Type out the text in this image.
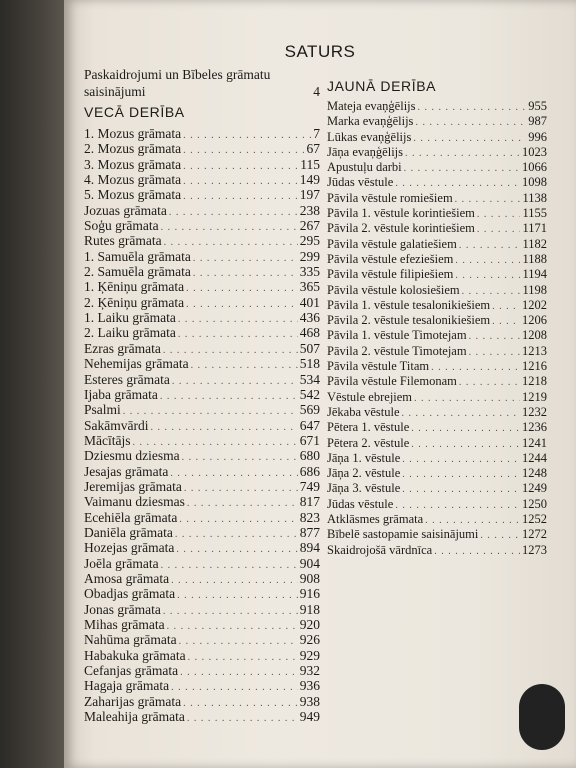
SATURS
Paskaidrojumi un Bībeles grāmatu
saisinājumi	4
VECĀ DERĪBA
1. Mozus grāmata . . .	7
2. Mozus grāmata . . .	67
3. Mozus grāmata . . .	115
4. Mozus grāmata . . .	149
5. Mozus grāmata . . .	197
Jozuas grāmata . . .	238
Soģu grāmata . . .	267
Rutes grāmata . . .	295
1. Samuēla grāmata . . .	299
2. Samuēla grāmata . . .	335
1. Ķēniņu grāmata . . .	365
2. Ķēniņu grāmata . . .	401
1. Laiku grāmata . . .	436
2. Laiku grāmata . . .	468
Ezras grāmata . . .	507
Nehemijas grāmata . . .	518
Esteres grāmata . . .	534
Ijaba grāmata . . .	542
Psalmi . . .	569
Sakāmvārdi . . .	647
Mācītājs . . .	671
Dziesmu dziesma . . .	680
Jesajas grāmata . . .	686
Jeremijas grāmata . . .	749
Vaimanu dziesmas . . .	817
Ecehiēla grāmata . . .	823
Daniēla grāmata . . .	877
Hozejas grāmata . . .	894
Joēla grāmata . . .	904
Amosa grāmata . . .	908
Obadjas grāmata . . .	916
Jonas grāmata . . .	918
Mihas grāmata . . .	920
Nahūma grāmata . . .	926
Habakuka grāmata . . .	929
Cefanjas grāmata . . .	932
Hagaja grāmata . . .	936
Zaharijas grāmata . . .	938
Maleahija grāmata . . .	949
JAUNĀ DERĪBA
Mateja evaņģēlijs . . .	955
Marka evaņģēlijs . . .	987
Lūkas evaņģēlijs . . .	996
Jāņa evaņģēlijs . . .	1023
Apustuļu darbi . . .	1066
Jūdas vēstule . . .	1098
Pāvila vēstule romiešiem . . .	1138
Pāvila 1. vēstule korintiešiem . . .	1155
Pāvila 2. vēstule korintiešiem . . .	1171
Pāvila vēstule galatiešiem . . .	1182
Pāvila vēstule efeziešiem . . .	1188
Pāvila vēstule filipiešiem . . .	1194
Pāvila vēstule kolosiešiem . . .	1198
Pāvila 1. vēstule tesalonikiešiem . . .	1202
Pāvila 2. vēstule tesalonikiešiem . . .	1206
Pāvila 1. vēstule Timotejam . . .	1208
Pāvila 2. vēstule Timotejam . . .	1213
Pāvila vēstule Titam . . .	1216
Pāvila vēstule Filemonam . . .	1218
Vēstule ebrejiem . . .	1219
Jēkaba vēstule . . .	1232
Pētera 1. vēstule . . .	1236
Pētera 2. vēstule . . .	1241
Jāņa 1. vēstule . . .	1244
Jāņa 2. vēstule . . .	1248
Jāņa 3. vēstule . . .	1249
Jūdas vēstule . . .	1250
Atklāsmes grāmata . . .	1252
Bībelē sastopamie saisinājumi . . .	1272
Skaidrojošā vārdnīca . . .	1273
